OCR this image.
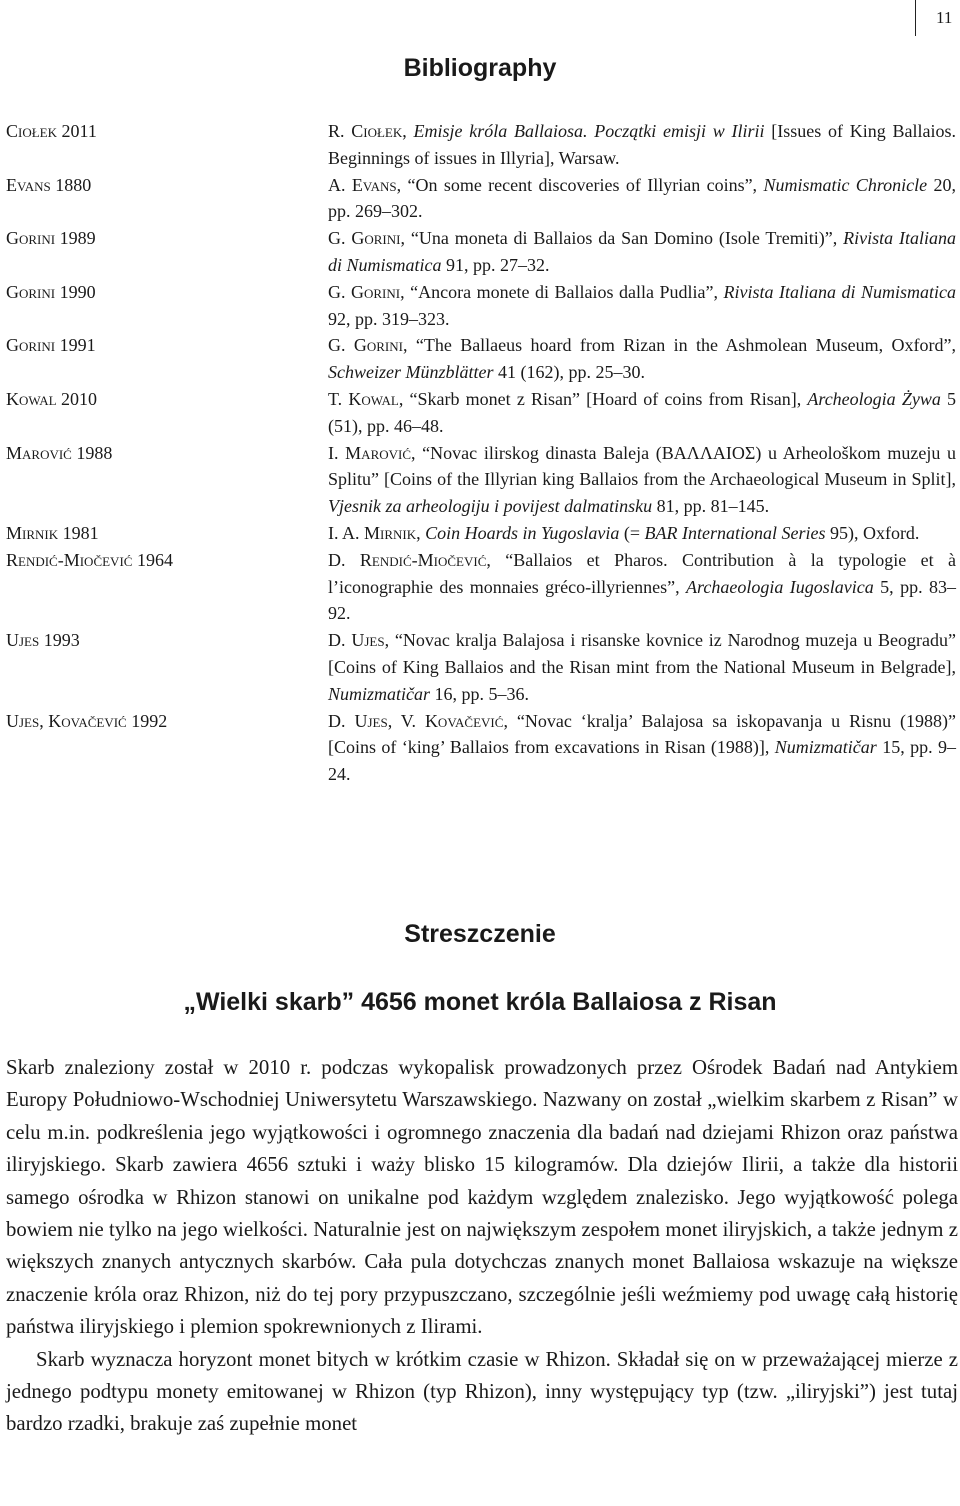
11
Bibliography
Ciołek 2011	R. Ciołek, Emisje króla Ballaiosa. Początki emisji w Ilirii [Issues of King Ballaios. Beginnings of issues in Illyria], Warsaw.
Evans 1880	A. Evans, “On some recent discoveries of Illyrian coins”, Numismatic Chronicle 20, pp. 269–302.
Gorini 1989	G. Gorini, “Una moneta di Ballaios da San Domino (Isole Tremiti)”, Rivista Italiana di Numismatica 91, pp. 27–32.
Gorini 1990	G. Gorini, “Ancora monete di Ballaios dalla Pudlia”, Rivista Italiana di Numismatica 92, pp. 319–323.
Gorini 1991	G. Gorini, “The Ballaeus hoard from Rizan in the Ashmolean Museum, Oxford”, Schweizer Münzblätter 41 (162), pp. 25–30.
Kowal 2010	T. Kowal, “Skarb monet z Risan” [Hoard of coins from Risan], Archeologia Żywa 5 (51), pp. 46–48.
Marović 1988	I. Marović, “Novac ilirskog dinasta Baleja (ΒΑΛΛΑΙΟΣ) u Arheološkom muzeju u Splitu” [Coins of the Illyrian king Ballaios from the Archaeological Museum in Split], Vjesnik za arheologiju i povijest dalmatinsku 81, pp. 81–145.
Mirnik 1981	I. A. Mirnik, Coin Hoards in Yugoslavia (= BAR International Series 95), Oxford.
Rendić-Miočević 1964	D. Rendić-Miočević, “Ballaios et Pharos. Contribution à la typologie et à l’iconographie des monnaies gréco-illyriennes”, Archaeologia Iugoslavica 5, pp. 83–92.
Ujes 1993	D. Ujes, “Novac kralja Balajosa i risanske kovnice iz Narodnog muzeja u Beogradu” [Coins of King Ballaios and the Risan mint from the National Museum in Belgrade], Numizmatičar 16, pp. 5–36.
Ujes, Kovačević 1992	D. Ujes, V. Kovačević, “Novac ‘kralja’ Balajosa sa iskopavanja u Risnu (1988)” [Coins of ‘king’ Ballaios from excavations in Risan (1988)], Numizmatičar 15, pp. 9–24.
Streszczenie
„Wielki skarb” 4656 monet króla Ballaiosa z Risan

Skarb znaleziony został w 2010 r. podczas wykopalisk prowadzonych przez Ośrodek Badań nad Antykiem Europy Południowo-Wschodniej Uniwersytetu Warszawskiego. Nazwany on został „wielkim skarbem z Risan” w celu m.in. podkreślenia jego wyjątkowości i ogromnego znaczenia dla badań nad dziejami Rhizon oraz państwa iliryjskiego. Skarb zawiera 4656 sztuki i waży blisko 15 kilogramów. Dla dziejów Ilirii, a także dla historii samego ośrodka w Rhizon stanowi on unikalne pod każdym względem znalezisko. Jego wyjątkowość polega bowiem nie tylko na jego wielkości. Naturalnie jest on największym zespołem monet iliryjskich, a także jednym z większych znanych antycznych skarbów. Cała pula dotychczas znanych monet Ballaiosa wskazuje na większe znaczenie króla oraz Rhizon, niż do tej pory przypuszczano, szczególnie jeśli weźmiemy pod uwagę całą historię państwa iliryjskiego i plemion spokrewnionych z Ilirami.

Skarb wyznacza horyzont monet bitych w krótkim czasie w Rhizon. Składał się on w przeważającej mierze z jednego podtypu monety emitowanej w Rhizon (typ Rhizon), inny występujący typ (tzw. „iliryjski”) jest tutaj bardzo rzadki, brakuje zaś zupełnie monet
